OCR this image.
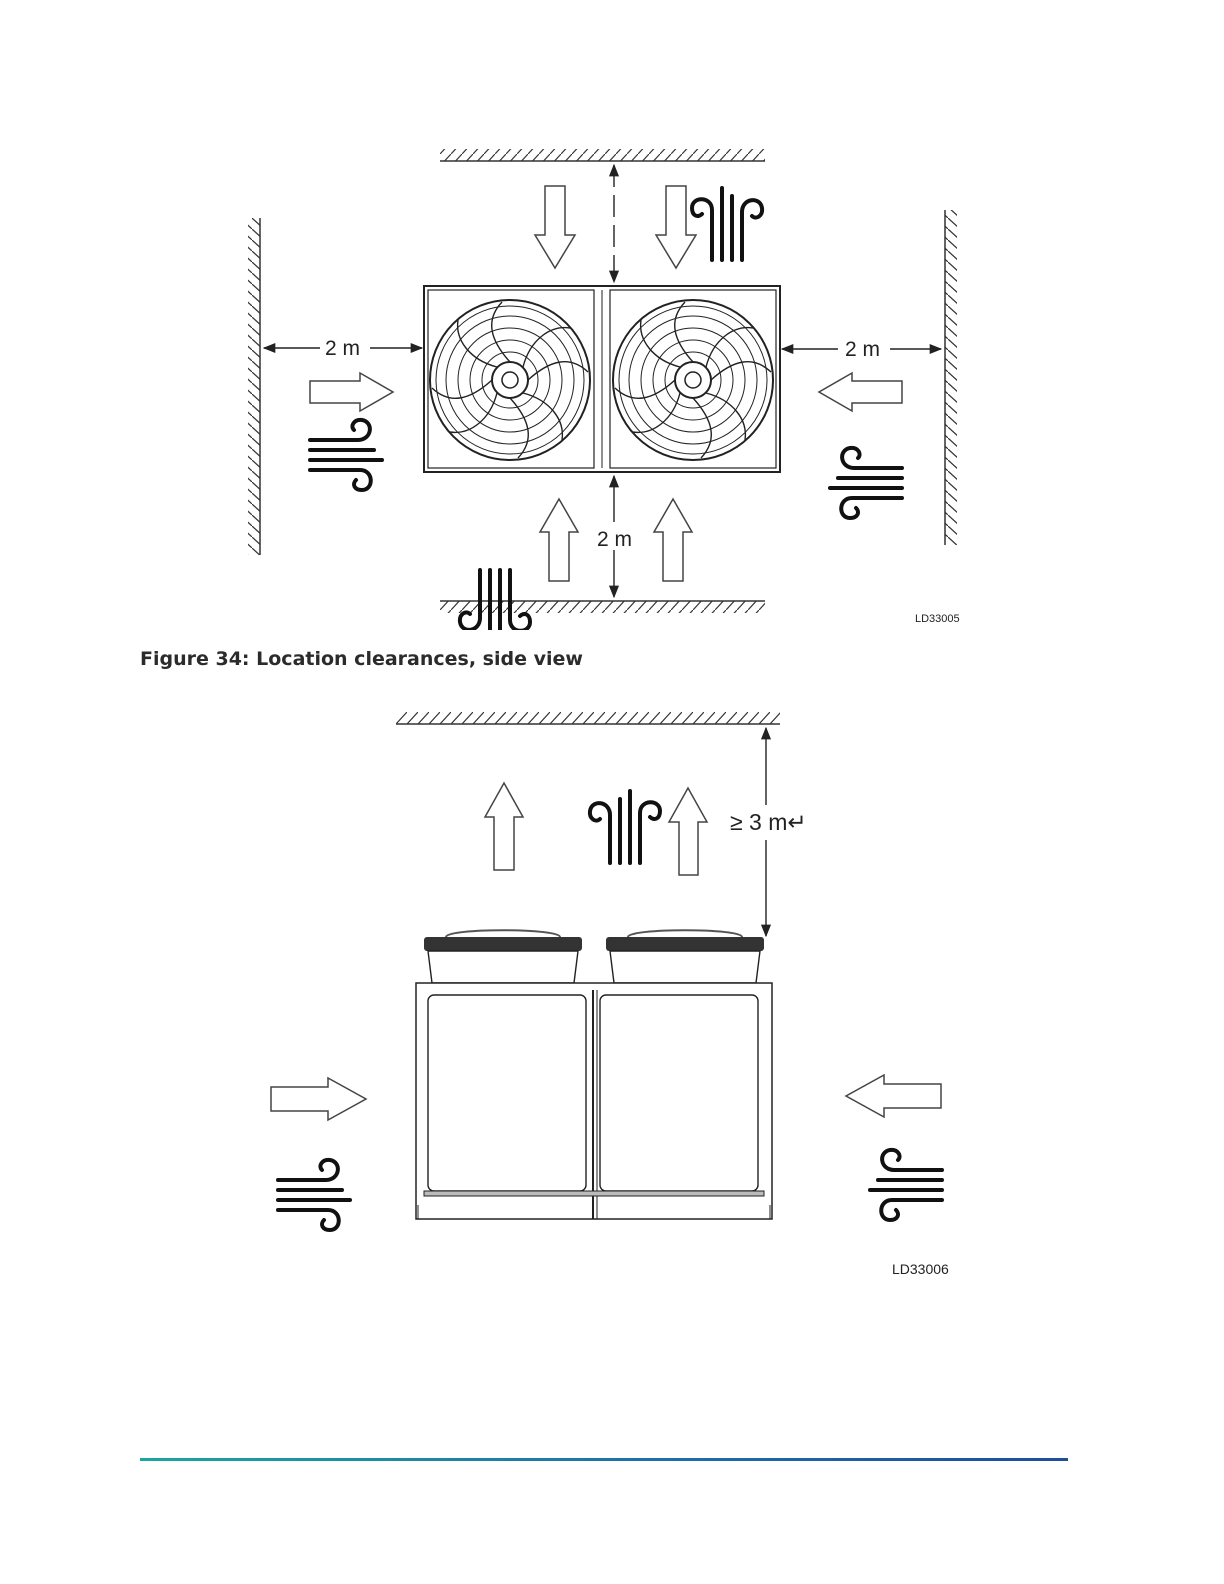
2 m	2 m
2 m
LD33005
Figure 34: Location clearances, side view
≥ 3 m↵
LD33006
